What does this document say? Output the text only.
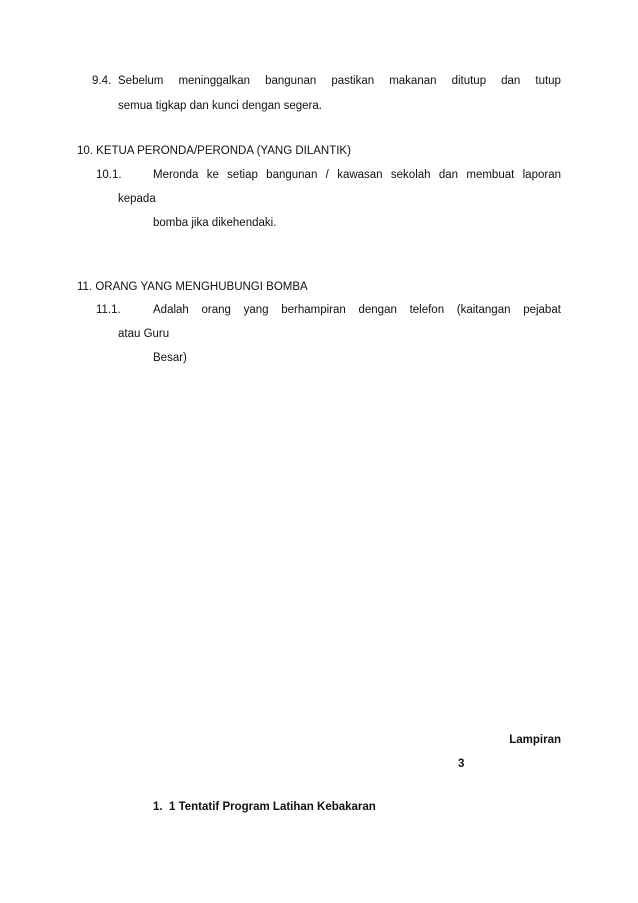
9.4. Sebelum meninggalkan bangunan pastikan makanan ditutup dan tutup
semua tigkap dan kunci dengan segera.
10. KETUA PERONDA/PERONDA (YANG DILANTIK)
10.1.	Meronda ke setiap bangunan / kawasan sekolah dan membuat laporan
kepada
bomba jika dikehendaki.
11. ORANG YANG MENGHUBUNGI BOMBA
11.1.	Adalah orang yang berhampiran dengan telefon (kaitangan pejabat
atau Guru
Besar)
Lampiran
3
1.  1 Tentatif Program Latihan Kebakaran
